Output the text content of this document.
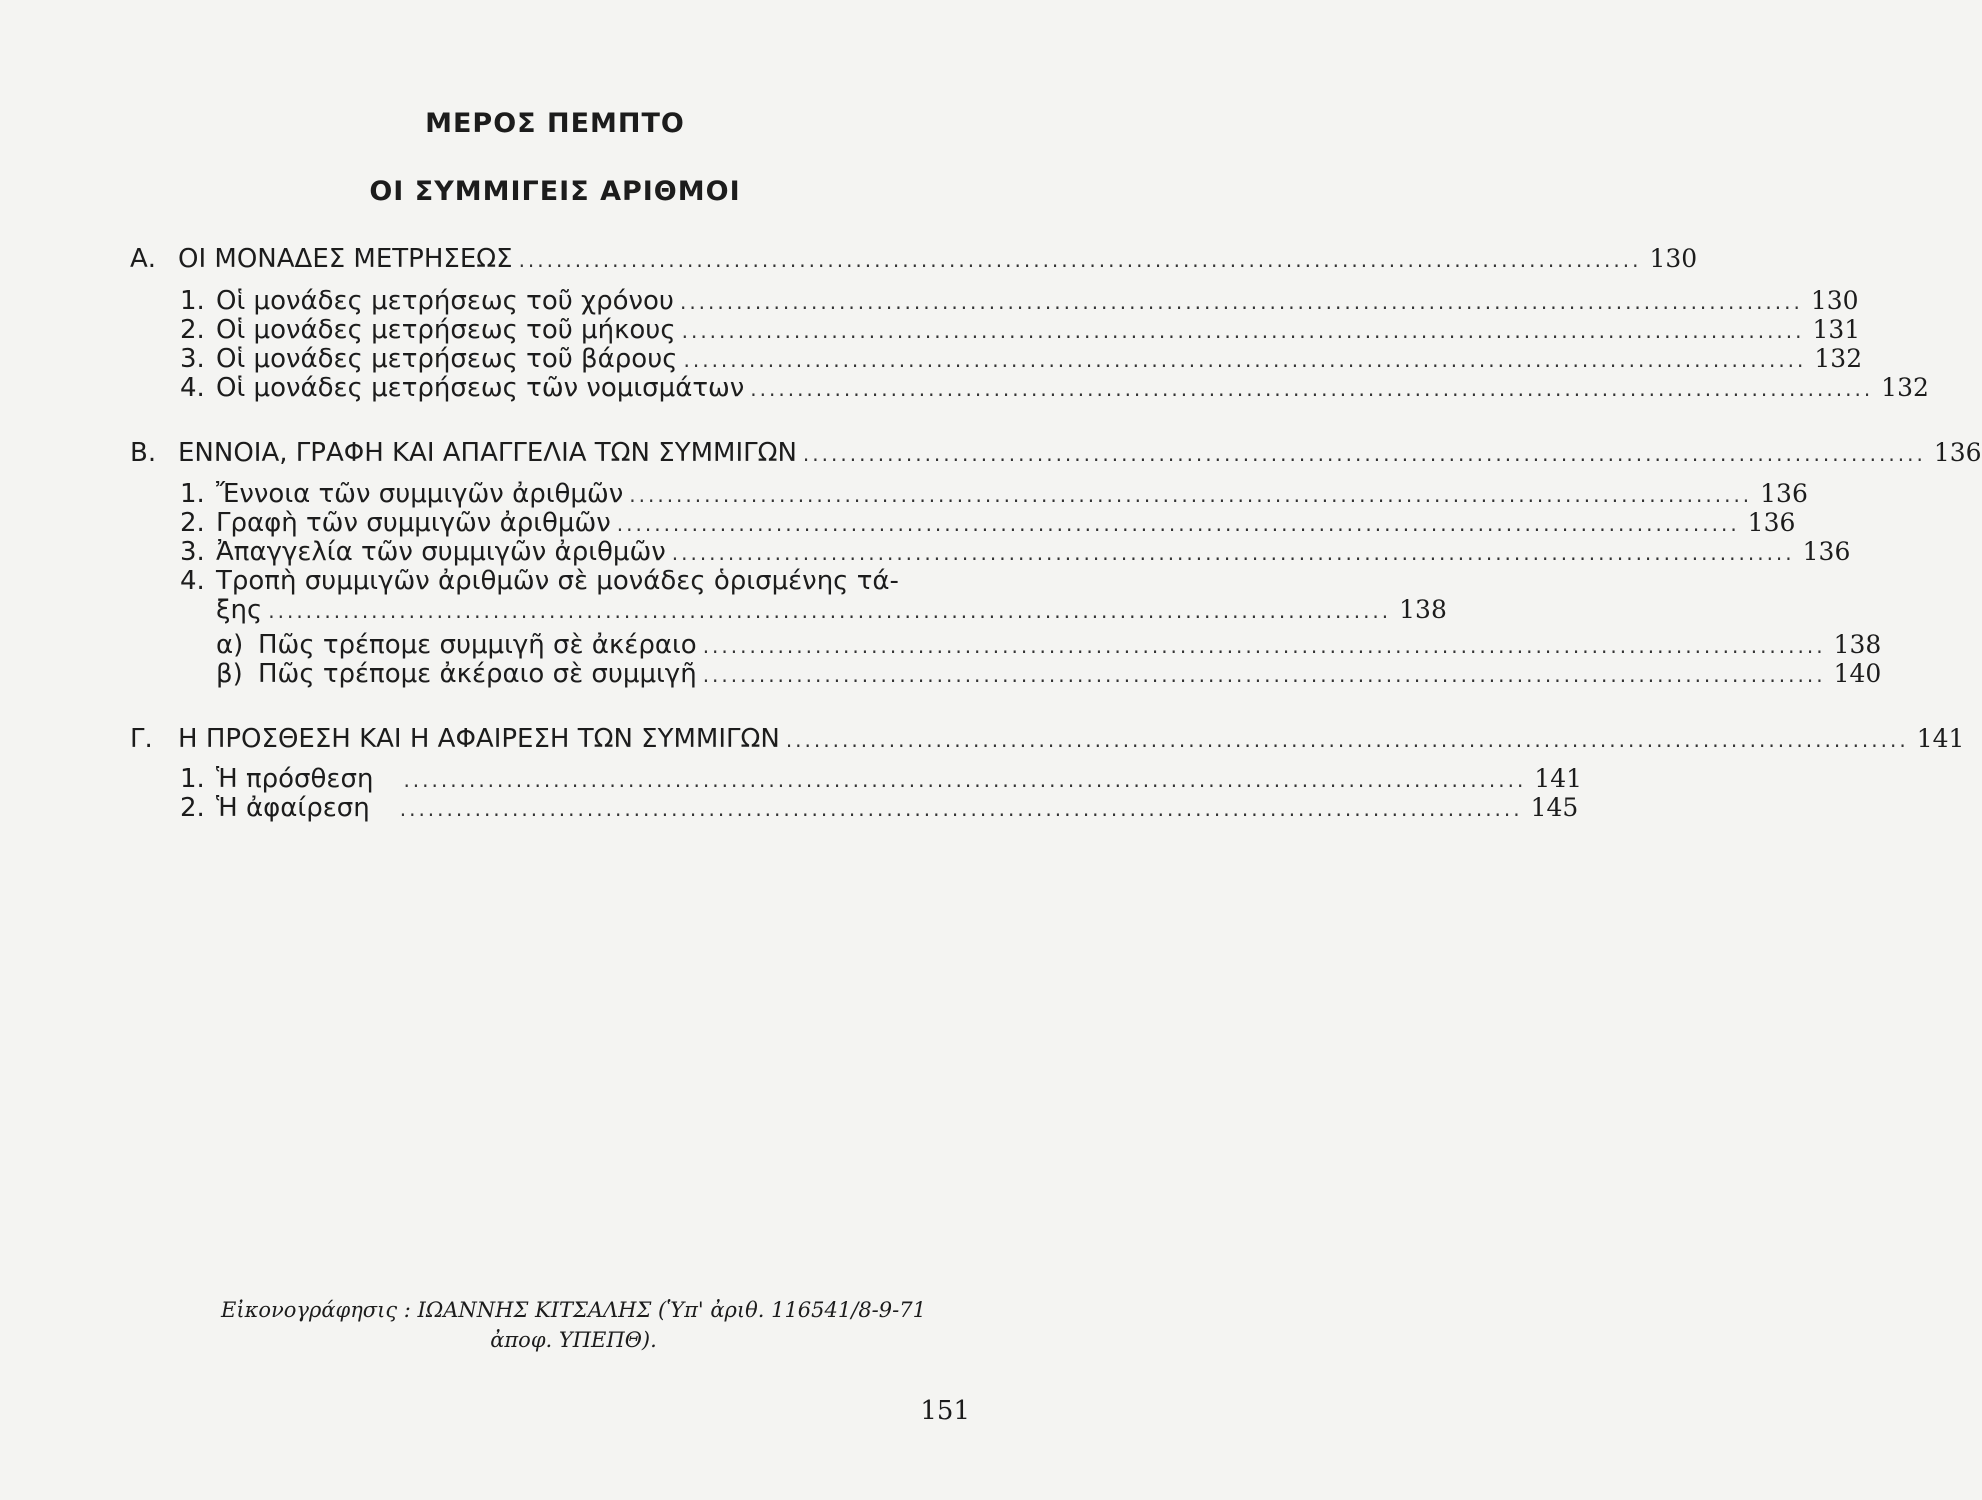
ΜΕΡΟΣ ΠΕΜΠΤΟ
ΟΙ ΣΥΜΜΙΓΕΙΣ ΑΡΙΘΜΟΙ
Α. ΟΙ ΜΟΝΑΔΕΣ ΜΕΤΡΗΣΕΩΣ ........................................................................................................................ 130
1. Οἱ μονάδες μετρήσεως τοῦ χρόνου ........................................................................................................................ 130
2. Οἱ μονάδες μετρήσεως τοῦ μήκους ........................................................................................................................ 131
3. Οἱ μονάδες μετρήσεως τοῦ βάρους ........................................................................................................................ 132
4. Οἱ μονάδες μετρήσεως τῶν νομισμάτων ........................................................................................................................ 132
Β. ΕΝΝΟΙΑ, ΓΡΑΦΗ ΚΑΙ ΑΠΑΓΓΕΛΙΑ ΤΩΝ ΣΥΜΜΙΓΩΝ ........................................................................................................................ 136
1. Ἔννοια τῶν συμμιγῶν ἀριθμῶν ........................................................................................................................ 136
2. Γραφὴ τῶν συμμιγῶν ἀριθμῶν ........................................................................................................................ 136
3. Ἀπαγγελία τῶν συμμιγῶν ἀριθμῶν ........................................................................................................................ 136
4. Τροπὴ συμμιγῶν ἀριθμῶν σὲ μονάδες ὁρισμένης τά-
ξης ........................................................................................................................ 138
α) Πῶς τρέπομε συμμιγῆ σὲ ἀκέραιο ........................................................................................................................ 138
β) Πῶς τρέπομε ἀκέραιο σὲ συμμιγῆ ........................................................................................................................ 140
Γ. Η ΠΡΟΣΘΕΣΗ ΚΑΙ Η ΑΦΑΙΡΕΣΗ ΤΩΝ ΣΥΜΜΙΓΩΝ ........................................................................................................................ 141
1. Ἡ πρόσθεση ........................................................................................................................ 141
2. Ἡ ἀφαίρεση ........................................................................................................................ 145
Εἰκονογράφησις : ΙΩΑΝΝΗΣ ΚΙΤΣΑΛΗΣ (Ὑπ' ἀριθ. 116541/8-9-71
ἀποφ. ΥΠΕΠΘ).
151
